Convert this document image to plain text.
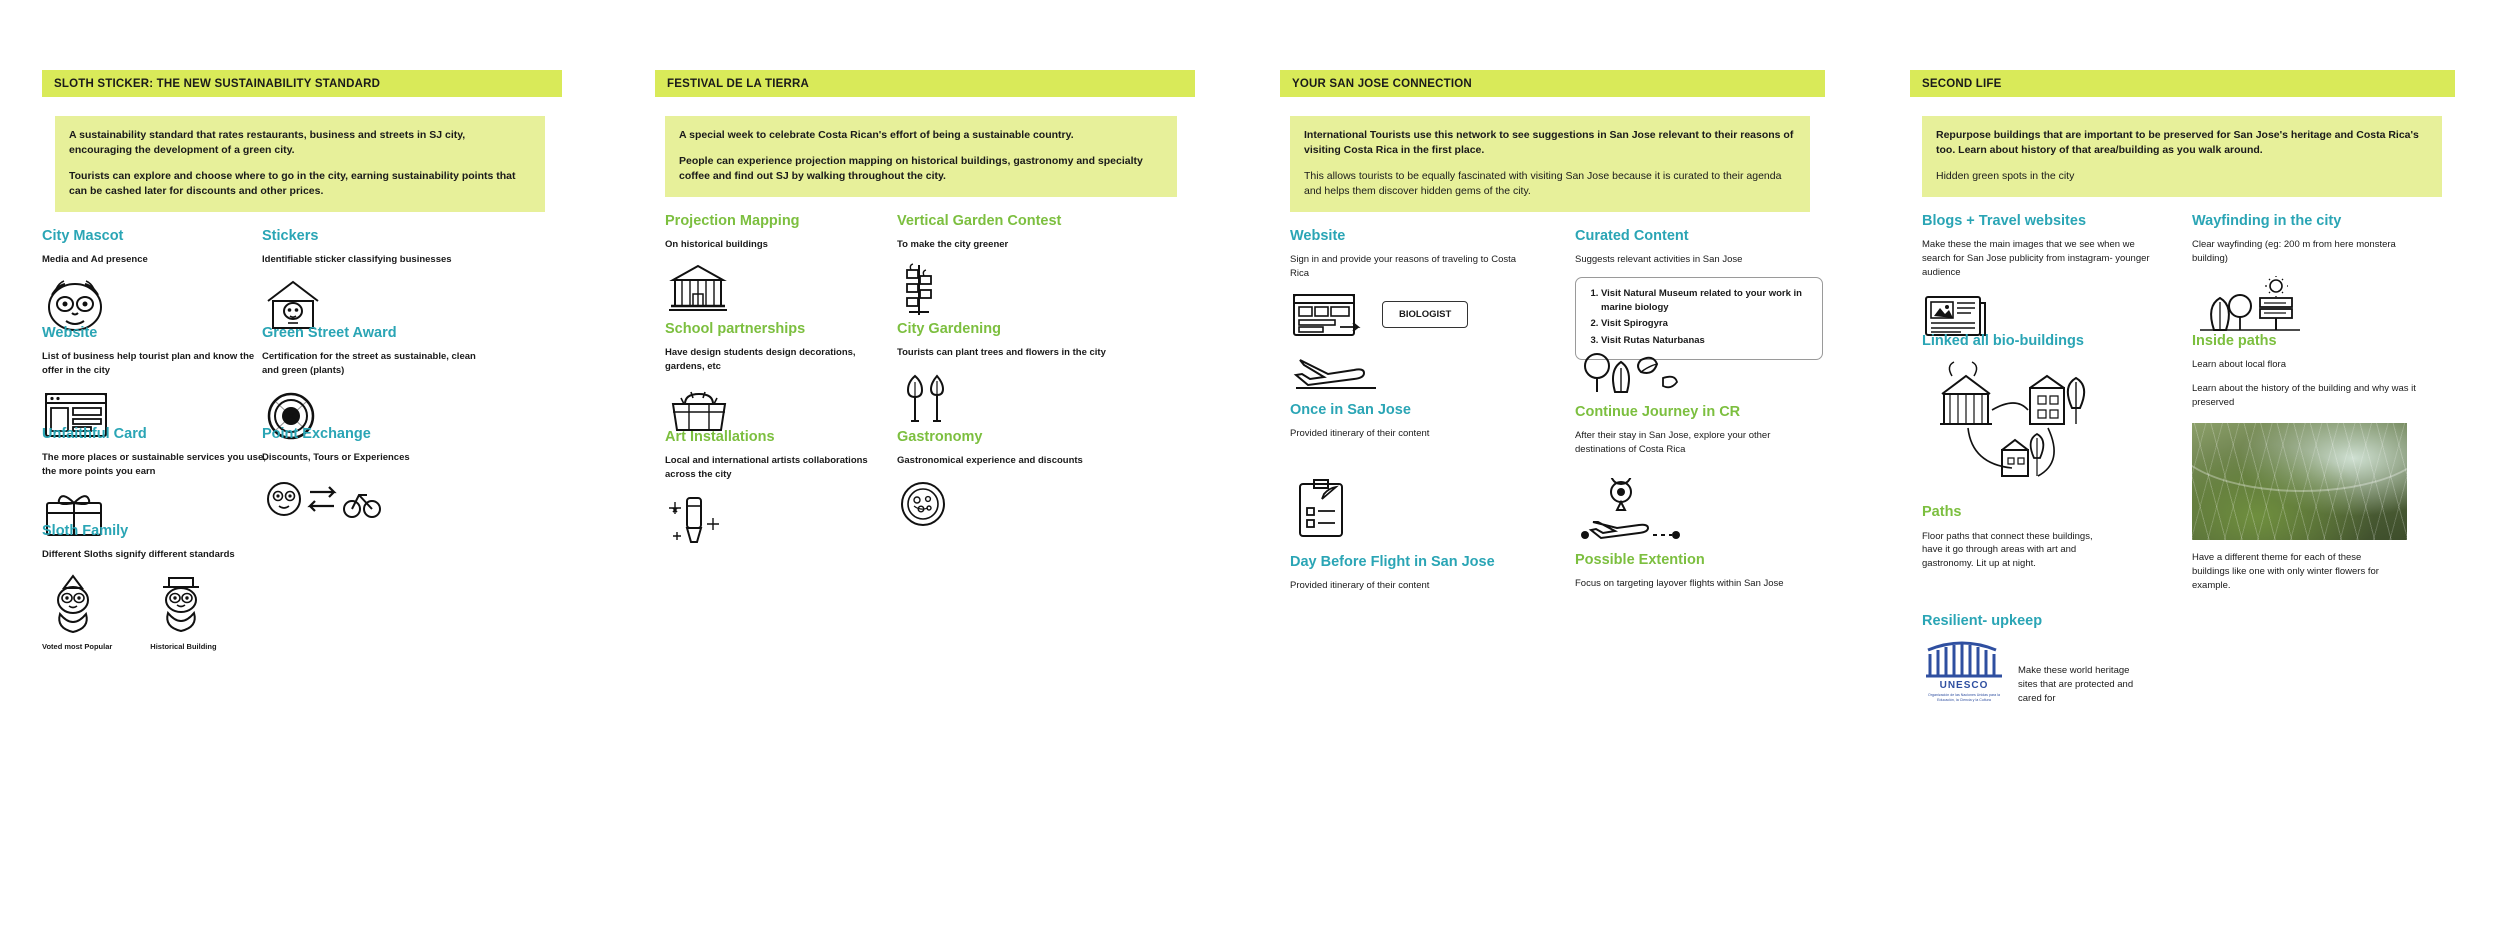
SLOTH STICKER: THE NEW SUSTAINABILITY STANDARD

A sustainability standard that rates restaurants, business and streets in SJ city, encouraging the development of a green city.

Tourists can explore and choose where to go in the city, earning sustainability points that can be cashed later for discounts and other prices.

City Mascot
Media and Ad presence
Stickers
Identifiable sticker classifying businesses
Website
List of business help tourist plan and know the offer in the city
Green Street Award
Certification for the street as sustainable, clean and green (plants)
Unfaithful Card
The more places or sustainable services you use, the more points you earn
Point Exchange
Discounts, Tours or Experiences
Sloth Family
Different Sloths signify different standards
Voted most Popular	Historical Building
FESTIVAL DE LA TIERRA

A special week to celebrate Costa Rican's effort of being a sustainable country.

People can experience projection mapping on historical buildings, gastronomy and specialty coffee and find out SJ by walking throughout the city.

Projection Mapping
On historical buildings
Vertical Garden Contest
To make the city greener
School partnerships
Have design students design decorations, gardens, etc
City Gardening
Tourists can plant trees and flowers in the city
Art Installations
Local and international artists collaborations across the city
Gastronomy
Gastronomical experience and discounts
YOUR SAN JOSE CONNECTION

International Tourists use this network to see suggestions in San Jose relevant to their reasons of visiting Costa Rica in the first place.

This allows tourists to be equally fascinated with visiting San Jose because it is curated to their agenda and helps them discover hidden gems of the city.

Website
Sign in and provide your reasons of traveling to Costa Rica
BIOLOGIST
Curated Content
Suggests relevant activities in San Jose
1. Visit Natural Museum related to your work in marine biology
2. Visit Spirogyra
3. Visit Rutas Naturbanas
Once in San Jose
Provided itinerary of their content
Continue Journey in CR
After their stay in San Jose, explore your other destinations of Costa Rica
Day Before Flight in San Jose
Provided itinerary of their content
Possible Extention
Focus on targeting layover flights within San Jose
SECOND LIFE

Repurpose buildings that are important to be preserved for San Jose's heritage and Costa Rica's too. Learn about history of that area/building as you walk around.

Hidden green spots in the city

Blogs + Travel websites
Make these the main images that we see when we search for San Jose publicity from instagram- younger audience
Wayfinding in the city
Clear wayfinding (eg: 200 m from here monstera building)
Linked all bio-buildings
Paths
Floor paths that connect these buildings, have it go through areas with art and gastronomy. Lit up at night.
Inside paths
Learn about local flora
Learn about the history of the building and why was it preserved
Have a different theme for each of these buildings like one with only winter flowers for example.
Resilient- upkeep
UNESCO
Organización de las Naciones Unidas para la Educación, la Ciencia y la Cultura
Make these world heritage sites that are protected and cared for
